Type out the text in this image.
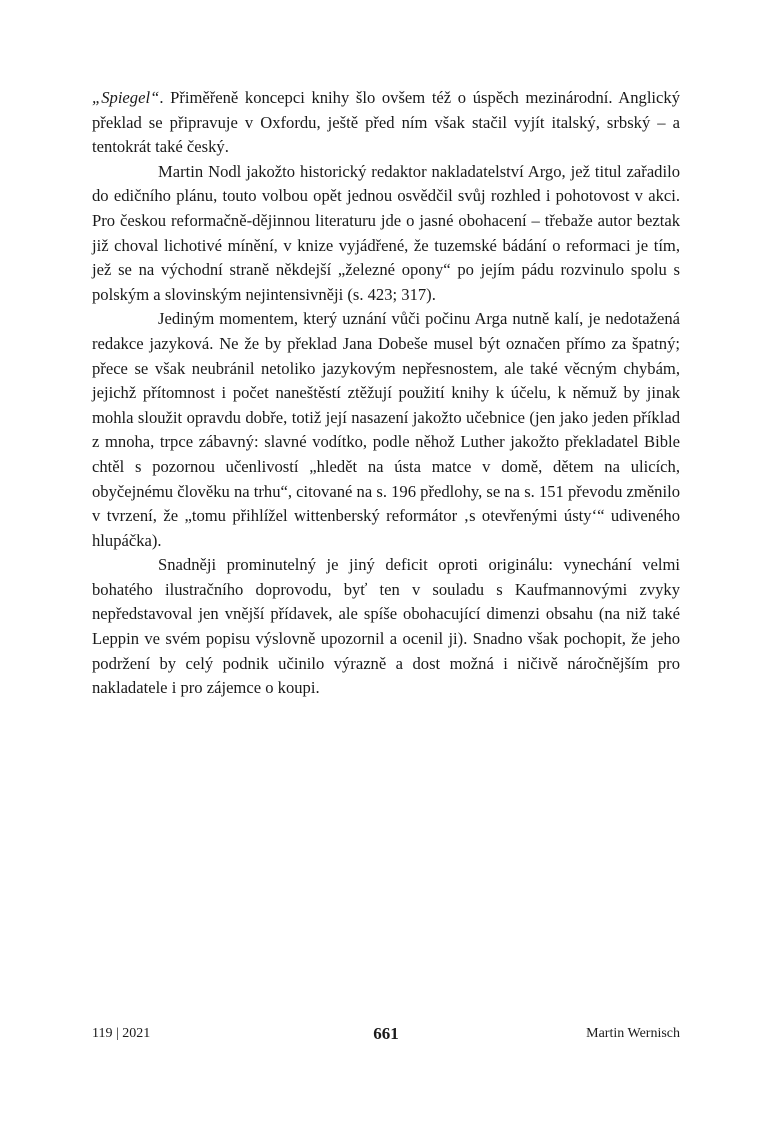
„Spiegel“. Přiměřeně koncepci knihy šlo ovšem též o úspěch mezinárodní. Anglický překlad se připravuje v Oxfordu, ještě před ním však stačil vyjít italský, srbský – a tentokrát také český.

Martin Nodl jakožto historický redaktor nakladatelství Argo, jež titul zařadilo do edičního plánu, touto volbou opět jednou osvědčil svůj rozhled i pohotovost v akci. Pro českou reformačně-dějinnou literaturu jde o jasné obohacení – třebaže autor beztak již choval lichotivé mínění, v knize vyjádřené, že tuzemské bádání o reformaci je tím, jež se na východní straně někdejší „železné opony“ po jejím pádu rozvinulo spolu s polským a slovinským nejintensivněji (s. 423; 317).

Jediným momentem, který uznání vůči počinu Arga nutně kalí, je nedotažená redakce jazyková. Ne že by překlad Jana Dobeše musel být označen přímo za špatný; přece se však neubránil netoliko jazykovým nepřesnostem, ale také věcným chybám, jejichž přítomnost i počet naneštěstí ztěžují použití knihy k účelu, k němuž by jinak mohla sloužit opravdu dobře, totiž její nasazení jakožto učebnice (jen jako jeden příklad z mnoha, trpce zábavný: slavné vodítko, podle něhož Luther jakožto překladatel Bible chtěl s pozornou učenlivostí „hledět na ústa matce v domě, dětem na ulicích, obyčejnému člověku na trhu“, citované na s. 196 předlohy, se na s. 151 převodu změnilo v tvrzení, že „tomu přihlížel wittenberský reformátor ‚s otevřenými ústy‘“ udiveného hlupáčka).

Snadněji prominutelný je jiný deficit oproti originálu: vynechání velmi bohatého ilustračního doprovodu, byť ten v souladu s Kaufmannovými zvyky nepředstavoval jen vnější přídavek, ale spíše obohacující dimenzi obsahu (na niž také Leppin ve svém popisu výslovně upozornil a ocenil ji). Snadno však pochopit, že jeho podržení by celý podnik učinilo výrazně a dost možná i ničivě náročnějším pro nakladatele i pro zájemce o koupi.

119 | 2021	661	Martin Wernisch
